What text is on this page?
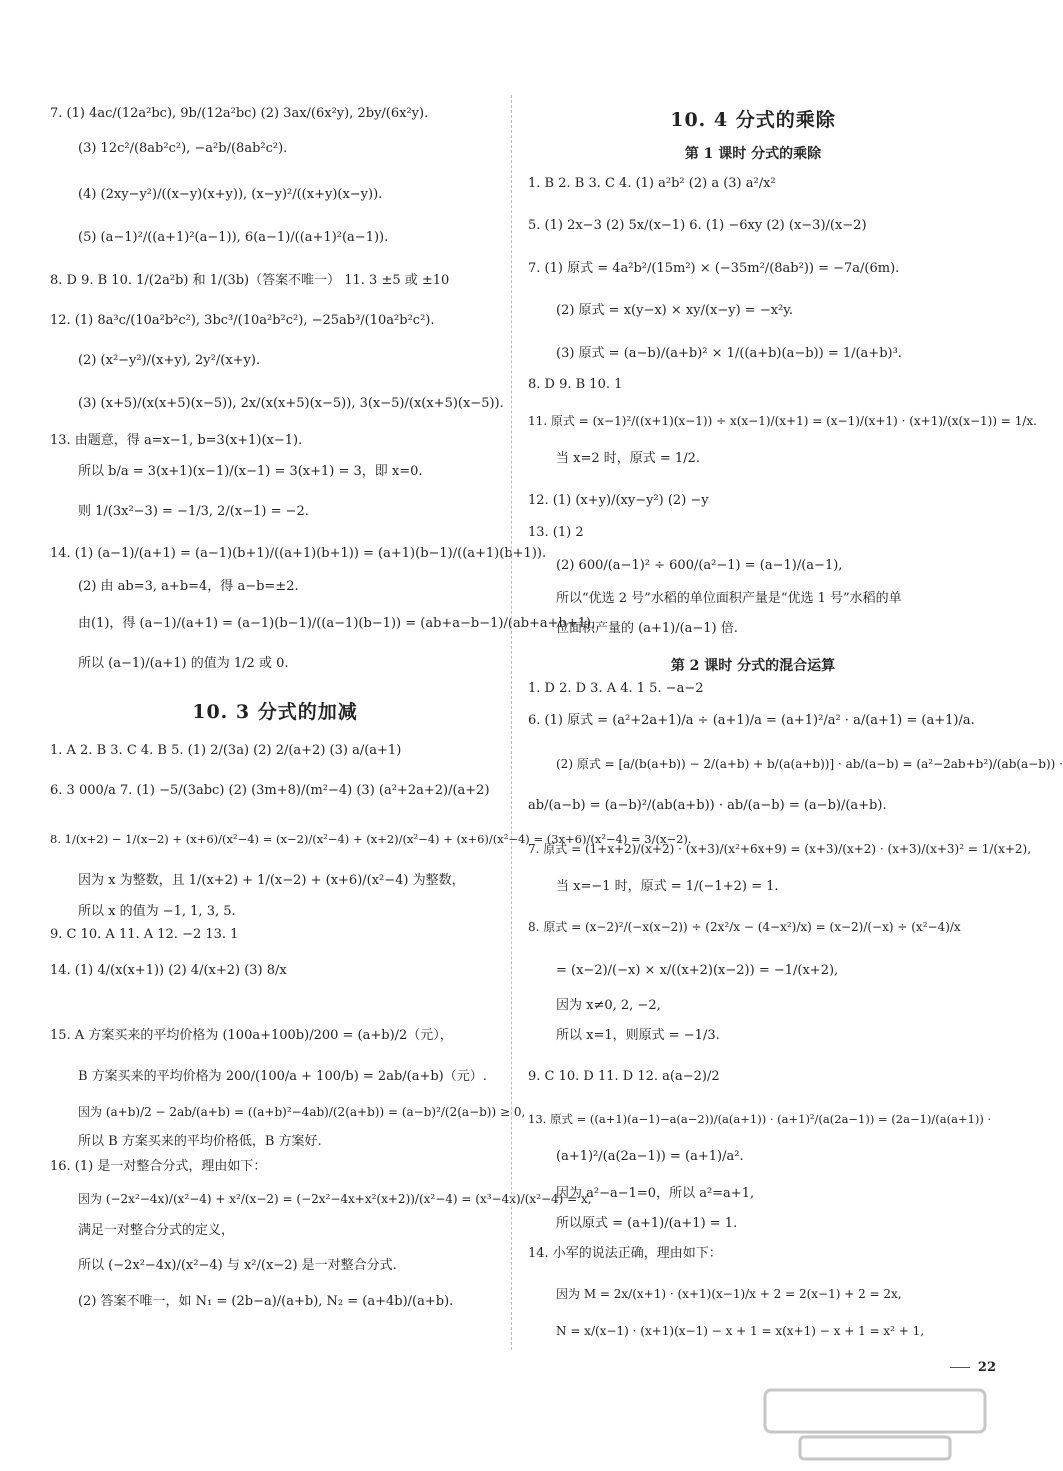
7. (1) 4ac/(12a²bc), 9b/(12a²bc) (2) 3ax/(6x²y), 2by/(6x²y).
(3) 12c²/(8ab²c²), −a²b/(8ab²c²).
(4) (2xy−y²)/((x−y)(x+y)), (x−y)²/((x+y)(x−y)).
(5) (a−1)²/((a+1)²(a−1)), 6(a−1)/((a+1)²(a−1)).
8. D 9. B 10. 1/(2a²b) 和 1/(3b)（答案不唯一） 11. 3 ±5 或 ±10
12. (1) 8a³c/(10a²b²c²), 3bc³/(10a²b²c²), −25ab³/(10a²b²c²).
(2) (x²−y²)/(x+y), 2y²/(x+y).
(3) (x+5)/(x(x+5)(x−5)), 2x/(x(x+5)(x−5)), 3(x−5)/(x(x+5)(x−5)).
13. 由题意，得 a=x−1, b=3(x+1)(x−1).
所以 b/a = 3(x+1)(x−1)/(x−1) = 3(x+1) = 3，即 x=0.
则 1/(3x²−3) = −1/3, 2/(x−1) = −2.
14. (1) (a−1)/(a+1) = (a−1)(b+1)/((a+1)(b+1)) = (a+1)(b−1)/((a+1)(b+1)).
(2) 由 ab=3, a+b=4，得 a−b=±2.
由(1)，得 (a−1)/(a+1) = (a−1)(b−1)/((a−1)(b−1)) = (ab+a−b−1)/(ab+a+b+1),
所以 (a−1)/(a+1) 的值为 1/2 或 0.
10. 3 分式的加减
1. A 2. B 3. C 4. B 5. (1) 2/(3a) (2) 2/(a+2) (3) a/(a+1)
6. 3 000/a 7. (1) −5/(3abc) (2) (3m+8)/(m²−4) (3) (a²+2a+2)/(a+2)
8. 1/(x+2) − 1/(x−2) + (x+6)/(x²−4) = (x−2)/(x²−4) + (x+2)/(x²−4) + (x+6)/(x²−4) = (3x+6)/(x²−4) = 3/(x−2).
因为 x 为整数，且 1/(x+2) + 1/(x−2) + (x+6)/(x²−4) 为整数，
所以 x 的值为 −1, 1, 3, 5.
9. C 10. A 11. A 12. −2 13. 1
14. (1) 4/(x(x+1)) (2) 4/(x+2) (3) 8/x
15. A 方案买来的平均价格为 (100a+100b)/200 = (a+b)/2（元），
B 方案买来的平均价格为 200/(100/a + 100/b) = 2ab/(a+b)（元）.
因为 (a+b)/2 − 2ab/(a+b) = ((a+b)²−4ab)/(2(a+b)) = (a−b)²/(2(a−b)) ≥ 0,
所以 B 方案买来的平均价格低，B 方案好.
16. (1) 是一对整合分式，理由如下：
因为 (−2x²−4x)/(x²−4) + x²/(x−2) = (−2x²−4x+x²(x+2))/(x²−4) = (x³−4x)/(x²−4) = x,
满足一对整合分式的定义，
所以 (−2x²−4x)/(x²−4) 与 x²/(x−2) 是一对整合分式.
(2) 答案不唯一，如 N₁ = (2b−a)/(a+b), N₂ = (a+4b)/(a+b).
10. 4 分式的乘除
第 1 课时 分式的乘除
1. B 2. B 3. C 4. (1) a²b² (2) a (3) a²/x²
5. (1) 2x−3 (2) 5x/(x−1) 6. (1) −6xy (2) (x−3)/(x−2)
7. (1) 原式 = 4a²b²/(15m²) × (−35m²/(8ab²)) = −7a/(6m).
(2) 原式 = x(y−x) × xy/(x−y) = −x²y.
(3) 原式 = (a−b)/(a+b)² × 1/((a+b)(a−b)) = 1/(a+b)³.
8. D 9. B 10. 1
11. 原式 = (x−1)²/((x+1)(x−1)) ÷ x(x−1)/(x+1) = (x−1)/(x+1) · (x+1)/(x(x−1)) = 1/x.
当 x=2 时，原式 = 1/2.
12. (1) (x+y)/(xy−y²) (2) −y
13. (1) 2
(2) 600/(a−1)² ÷ 600/(a²−1) = (a−1)/(a−1),
所以“优选 2 号”水稻的单位面积产量是“优选 1 号”水稻的单
位面积产量的 (a+1)/(a−1) 倍.
第 2 课时 分式的混合运算
1. D 2. D 3. A 4. 1 5. −a−2
6. (1) 原式 = (a²+2a+1)/a ÷ (a+1)/a = (a+1)²/a² · a/(a+1) = (a+1)/a.
(2) 原式 = [a/(b(a+b)) − 2/(a+b) + b/(a(a+b))] · ab/(a−b) = (a²−2ab+b²)/(ab(a−b)) ·
ab/(a−b) = (a−b)²/(ab(a+b)) · ab/(a−b) = (a−b)/(a+b).
7. 原式 = (1+x+2)/(x+2) · (x+3)/(x²+6x+9) = (x+3)/(x+2) · (x+3)/(x+3)² = 1/(x+2),
当 x=−1 时，原式 = 1/(−1+2) = 1.
8. 原式 = (x−2)²/(−x(x−2)) ÷ (2x²/x − (4−x²)/x) = (x−2)/(−x) ÷ (x²−4)/x
= (x−2)/(−x) × x/((x+2)(x−2)) = −1/(x+2),
因为 x≠0, 2, −2,
所以 x=1，则原式 = −1/3.
9. C 10. D 11. D 12. a(a−2)/2
13. 原式 = ((a+1)(a−1)−a(a−2))/(a(a+1)) · (a+1)²/(a(2a−1)) = (2a−1)/(a(a+1)) ·
(a+1)²/(a(2a−1)) = (a+1)/a².
因为 a²−a−1=0，所以 a²=a+1,
所以原式 = (a+1)/(a+1) = 1.
14. 小军的说法正确，理由如下：
因为 M = 2x/(x+1) · (x+1)(x−1)/x + 2 = 2(x−1) + 2 = 2x,
N = x/(x−1) · (x+1)(x−1) − x + 1 = x(x+1) − x + 1 = x² + 1,
22
